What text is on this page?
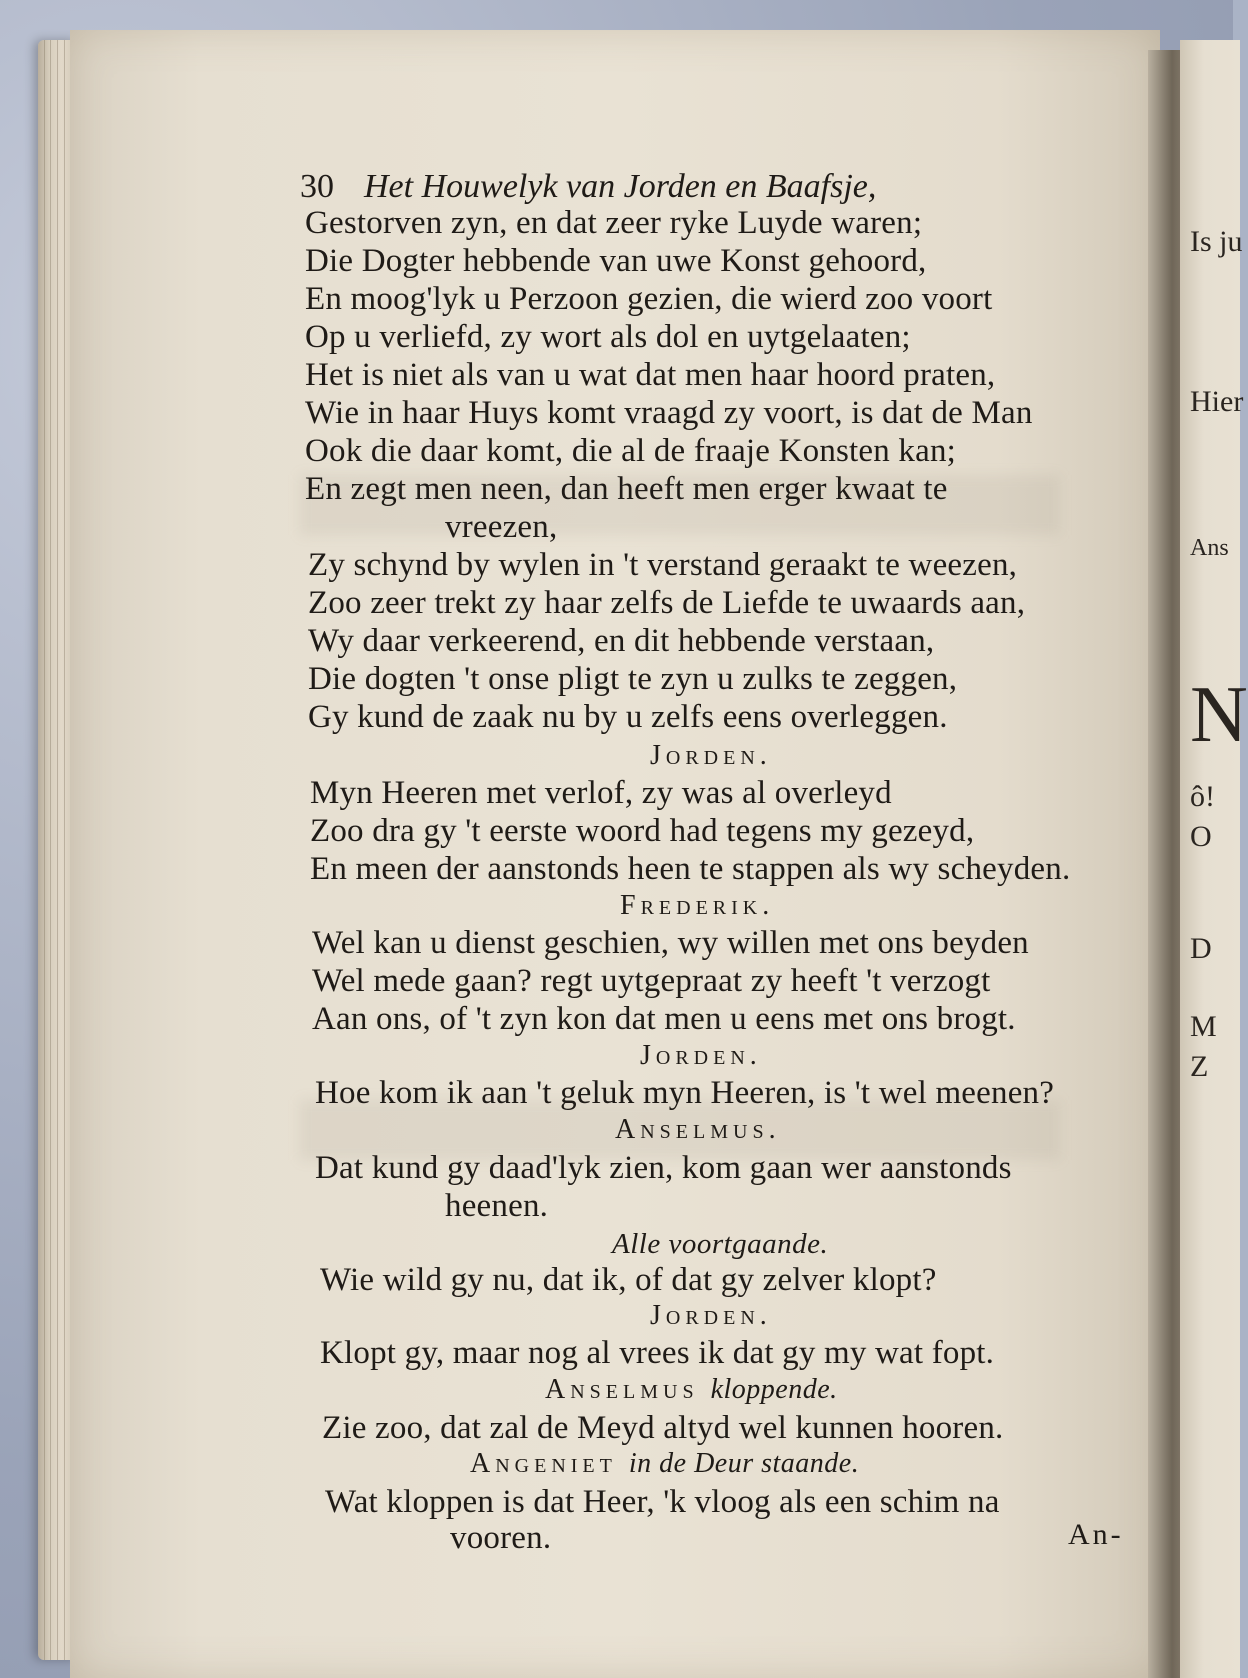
Is ju
Hier
Ans
N
ô!
O
D
M
Z
30 Het Houwelyk van Jorden en Baafsje,
Gestorven zyn, en dat zeer ryke Luyde waren;
Die Dogter hebbende van uwe Konst gehoord,
En moog'lyk u Perzoon gezien, die wierd zoo voort
Op u verliefd, zy wort als dol en uytgelaaten;
Het is niet als van u wat dat men haar hoord praten,
Wie in haar Huys komt vraagd zy voort, is dat de Man
Ook die daar komt, die al de fraaje Konsten kan;
En zegt men neen, dan heeft men erger kwaat te
vreezen,
Zy schynd by wylen in 't verstand geraakt te weezen,
Zoo zeer trekt zy haar zelfs de Liefde te uwaards aan,
Wy daar verkeerend, en dit hebbende verstaan,
Die dogten 't onse pligt te zyn u zulks te zeggen,
Gy kund de zaak nu by u zelfs eens overleggen.
Jorden.
Myn Heeren met verlof, zy was al overleyd
Zoo dra gy 't eerste woord had tegens my gezeyd,
En meen der aanstonds heen te stappen als wy scheyden.
Frederik.
Wel kan u dienst geschien, wy willen met ons beyden
Wel mede gaan? regt uytgepraat zy heeft 't verzogt
Aan ons, of 't zyn kon dat men u eens met ons brogt.
Jorden.
Hoe kom ik aan 't geluk myn Heeren, is 't wel meenen?
Anselmus.
Dat kund gy daad'lyk zien, kom gaan wer aanstonds
heenen.
Alle voortgaande.
Wie wild gy nu, dat ik, of dat gy zelver klopt?
Jorden.
Klopt gy, maar nog al vrees ik dat gy my wat fopt.
Anselmus kloppende.
Zie zoo, dat zal de Meyd altyd wel kunnen hooren.
Angeniet in de Deur staande.
Wat kloppen is dat Heer, 'k vloog als een schim na
vooren.	An-
